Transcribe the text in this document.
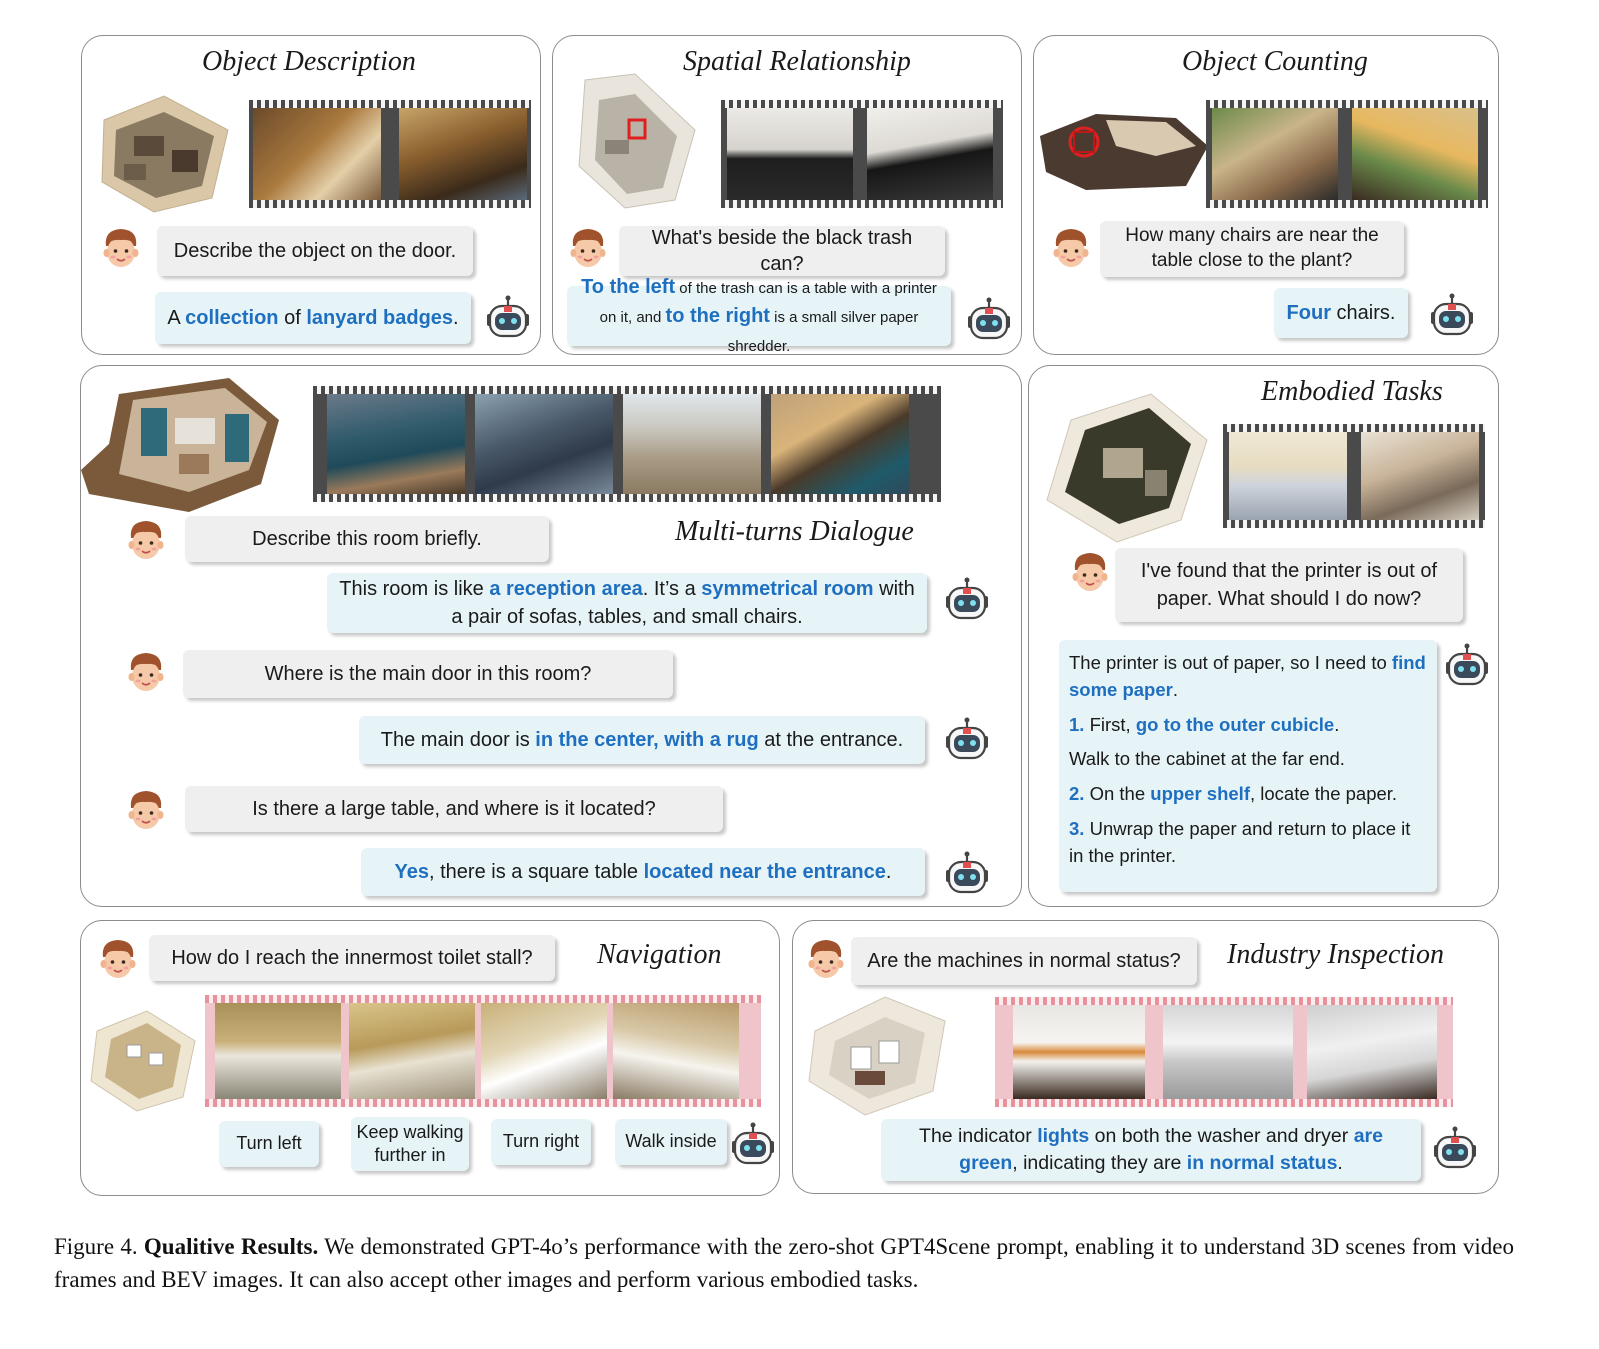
Object Description
Describe the object on the door.
A collection of lanyard badges.
Spatial Relationship
What's beside the black trash can?
To the left of the trash can is a table with a printer on it, and to the right is a small silver paper shredder.
Object Counting
How many chairs are near the table close to the plant?
Four chairs.
Multi-turns Dialogue
Describe this room briefly.
This room is like a reception area. It’s a symmetrical room with a pair of sofas, tables, and small chairs.
Where is the main door in this room?
The main door is in the center, with a rug at the entrance.
Is there a large table, and where is it located?
Yes, there is a square table located near the entrance.
Embodied Tasks
I've found that the printer is out of paper. What should I do now?
The printer is out of paper, so I need to find some paper.
1. First, go to the outer cubicle.
Walk to the cabinet at the far end.
2. On the upper shelf, locate the paper.
3. Unwrap the paper and return to place it in the printer.
Navigation
How do I reach the innermost toilet stall?
Turn left
Keep walking further in
Turn right	Walk inside
Industry Inspection
Are the machines in normal status?
The indicator lights on both the washer and dryer are green, indicating they are in normal status.
Figure 4. Qualitive Results. We demonstrated GPT-4o’s performance with the zero-shot GPT4Scene prompt, enabling it to understand 3D scenes from video frames and BEV images. It can also accept other images and perform various embodied tasks.
